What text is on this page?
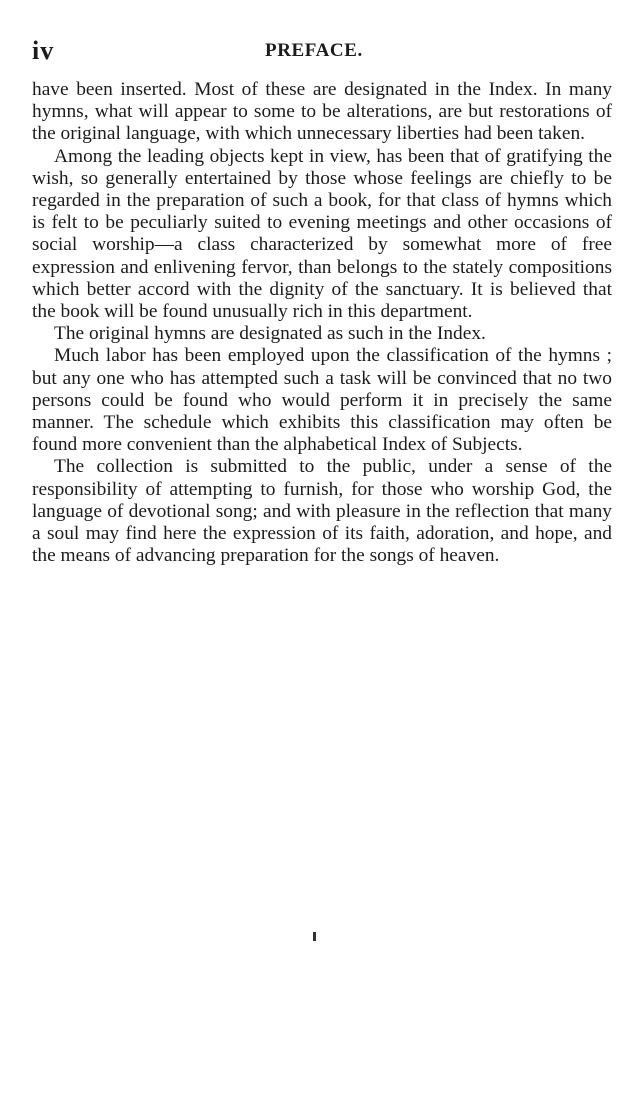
iv	PREFACE.

have been inserted. Most of these are designated in the Index. In many hymns, what will appear to some to be alterations, are but restorations of the original language, with which unnecessary liberties had been taken.

Among the leading objects kept in view, has been that of gratifying the wish, so generally entertained by those whose feelings are chiefly to be regarded in the preparation of such a book, for that class of hymns which is felt to be peculiarly suited to evening meetings and other occasions of social worship—a class characterized by somewhat more of free expression and enlivening fervor, than belongs to the stately compositions which better accord with the dignity of the sanctuary. It is believed that the book will be found unusually rich in this department.

The original hymns are designated as such in the Index.

Much labor has been employed upon the classification of the hymns ; but any one who has attempted such a task will be convinced that no two persons could be found who would perform it in precisely the same manner. The schedule which exhibits this classification may often be found more convenient than the alphabetical Index of Subjects.

The collection is submitted to the public, under a sense of the responsibility of attempting to furnish, for those who worship God, the language of devotional song; and with pleasure in the reflection that many a soul may find here the expression of its faith, adoration, and hope, and the means of advancing preparation for the songs of heaven.
